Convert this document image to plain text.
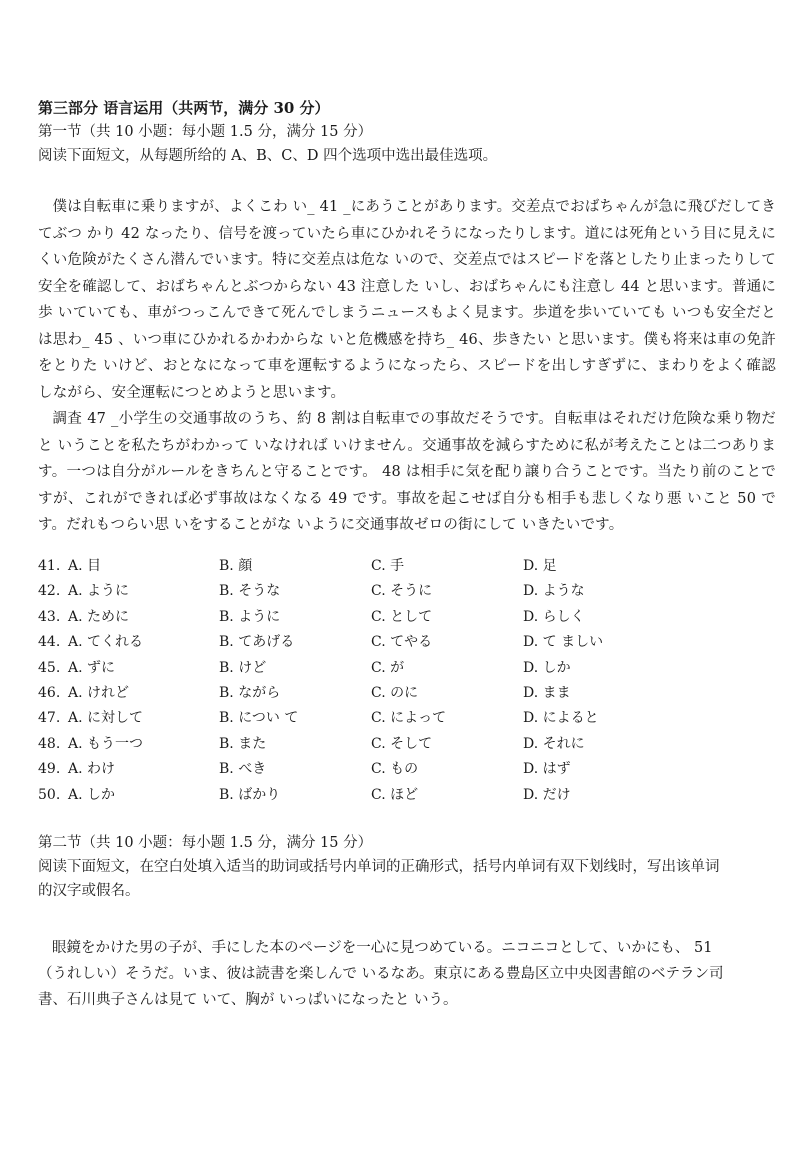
第三部分 语言运用（共两节，满分 30 分）
第一节（共 10 小题：每小题 1.5 分，满分 15 分）
阅读下面短文，从每题所给的 A、B、C、D 四个选项中选出最佳选项。

僕は自転車に乗りますが、よくこわ い_ 41 _にあうことがあります。交差点でおばちゃんが急に飛びだしてきてぶつ かり 42 なったり、信号を渡っていたら車にひかれそうになったりします。道には死角という目に見えにくい危険がたくさん潜んでいます。特に交差点は危な いので、交差点ではスピードを落としたり止まったりして安全を確認して、おばちゃんとぶつからない 43 注意した いし、おばちゃんにも注意し 44 と思います。普通に歩 いていても、車がつっこんできて死んでしまうニュースもよく見ます。歩道を歩いていても いつも安全だとは思わ_ 45 、いつ車にひかれるかわからな いと危機感を持ち_ 46、歩きたい と思います。僕も将来は車の免許をとりた いけど、おとなになって車を運転するようになったら、スピードを出しすぎずに、まわりをよく確認しながら、安全運転につとめようと思います。

調査 47 _小学生の交通事故のうち、約 8 割は自転車での事故だそうです。自転車はそれだけ危険な乗り物だと いうことを私たちがわかって いなければ いけません。交通事故を減らすために私が考えたことは二つあります。一つは自分がルールをきちんと守ることです。 48 は相手に気を配り譲り合うことです。当たり前のことですが、これができれば必ず事故はなくなる 49 です。事故を起こせば自分も相手も悲しくなり悪 いこと 50 です。だれもつらい思 いをすることがな いように交通事故ゼロの街にして いきたいです。

41. A. 目	B. 顔	C. 手	D. 足
42. A. ように	B. そうな	C. そうに	D. ような
43. A. ために	B. ように	C. として	D. らしく
44. A. てくれる	B. てあげる	C. てやる	D. て ましい
45. A. ずに	B. けど	C. が	D. しか
46. A. けれど	B. ながら	C. のに	D. まま
47. A. に対して	B. につい て	C. によって	D. によると
48. A. もう一つ	B. また	C. そして	D. それに
49. A. わけ	B. べき	C. もの	D. はず
50. A. しか	B. ばかり	C. ほど	D. だけ
第二节（共 10 小题：每小题 1.5 分，满分 15 分）
阅读下面短文，在空白处填入适当的助词或括号内单词的正确形式，括号内单词有双下划线时，写出该单词
的汉字或假名。
眼鏡をかけた男の子が、手にした本のページを一心に見つめている。ニコニコとして、いかにも、 51
（うれしい）そうだ。いま、彼は読書を楽しんで いるなあ。東京にある豊島区立中央図書館のベテラン司
書、石川典子さんは見て いて、胸が いっぱいになったと いう。
